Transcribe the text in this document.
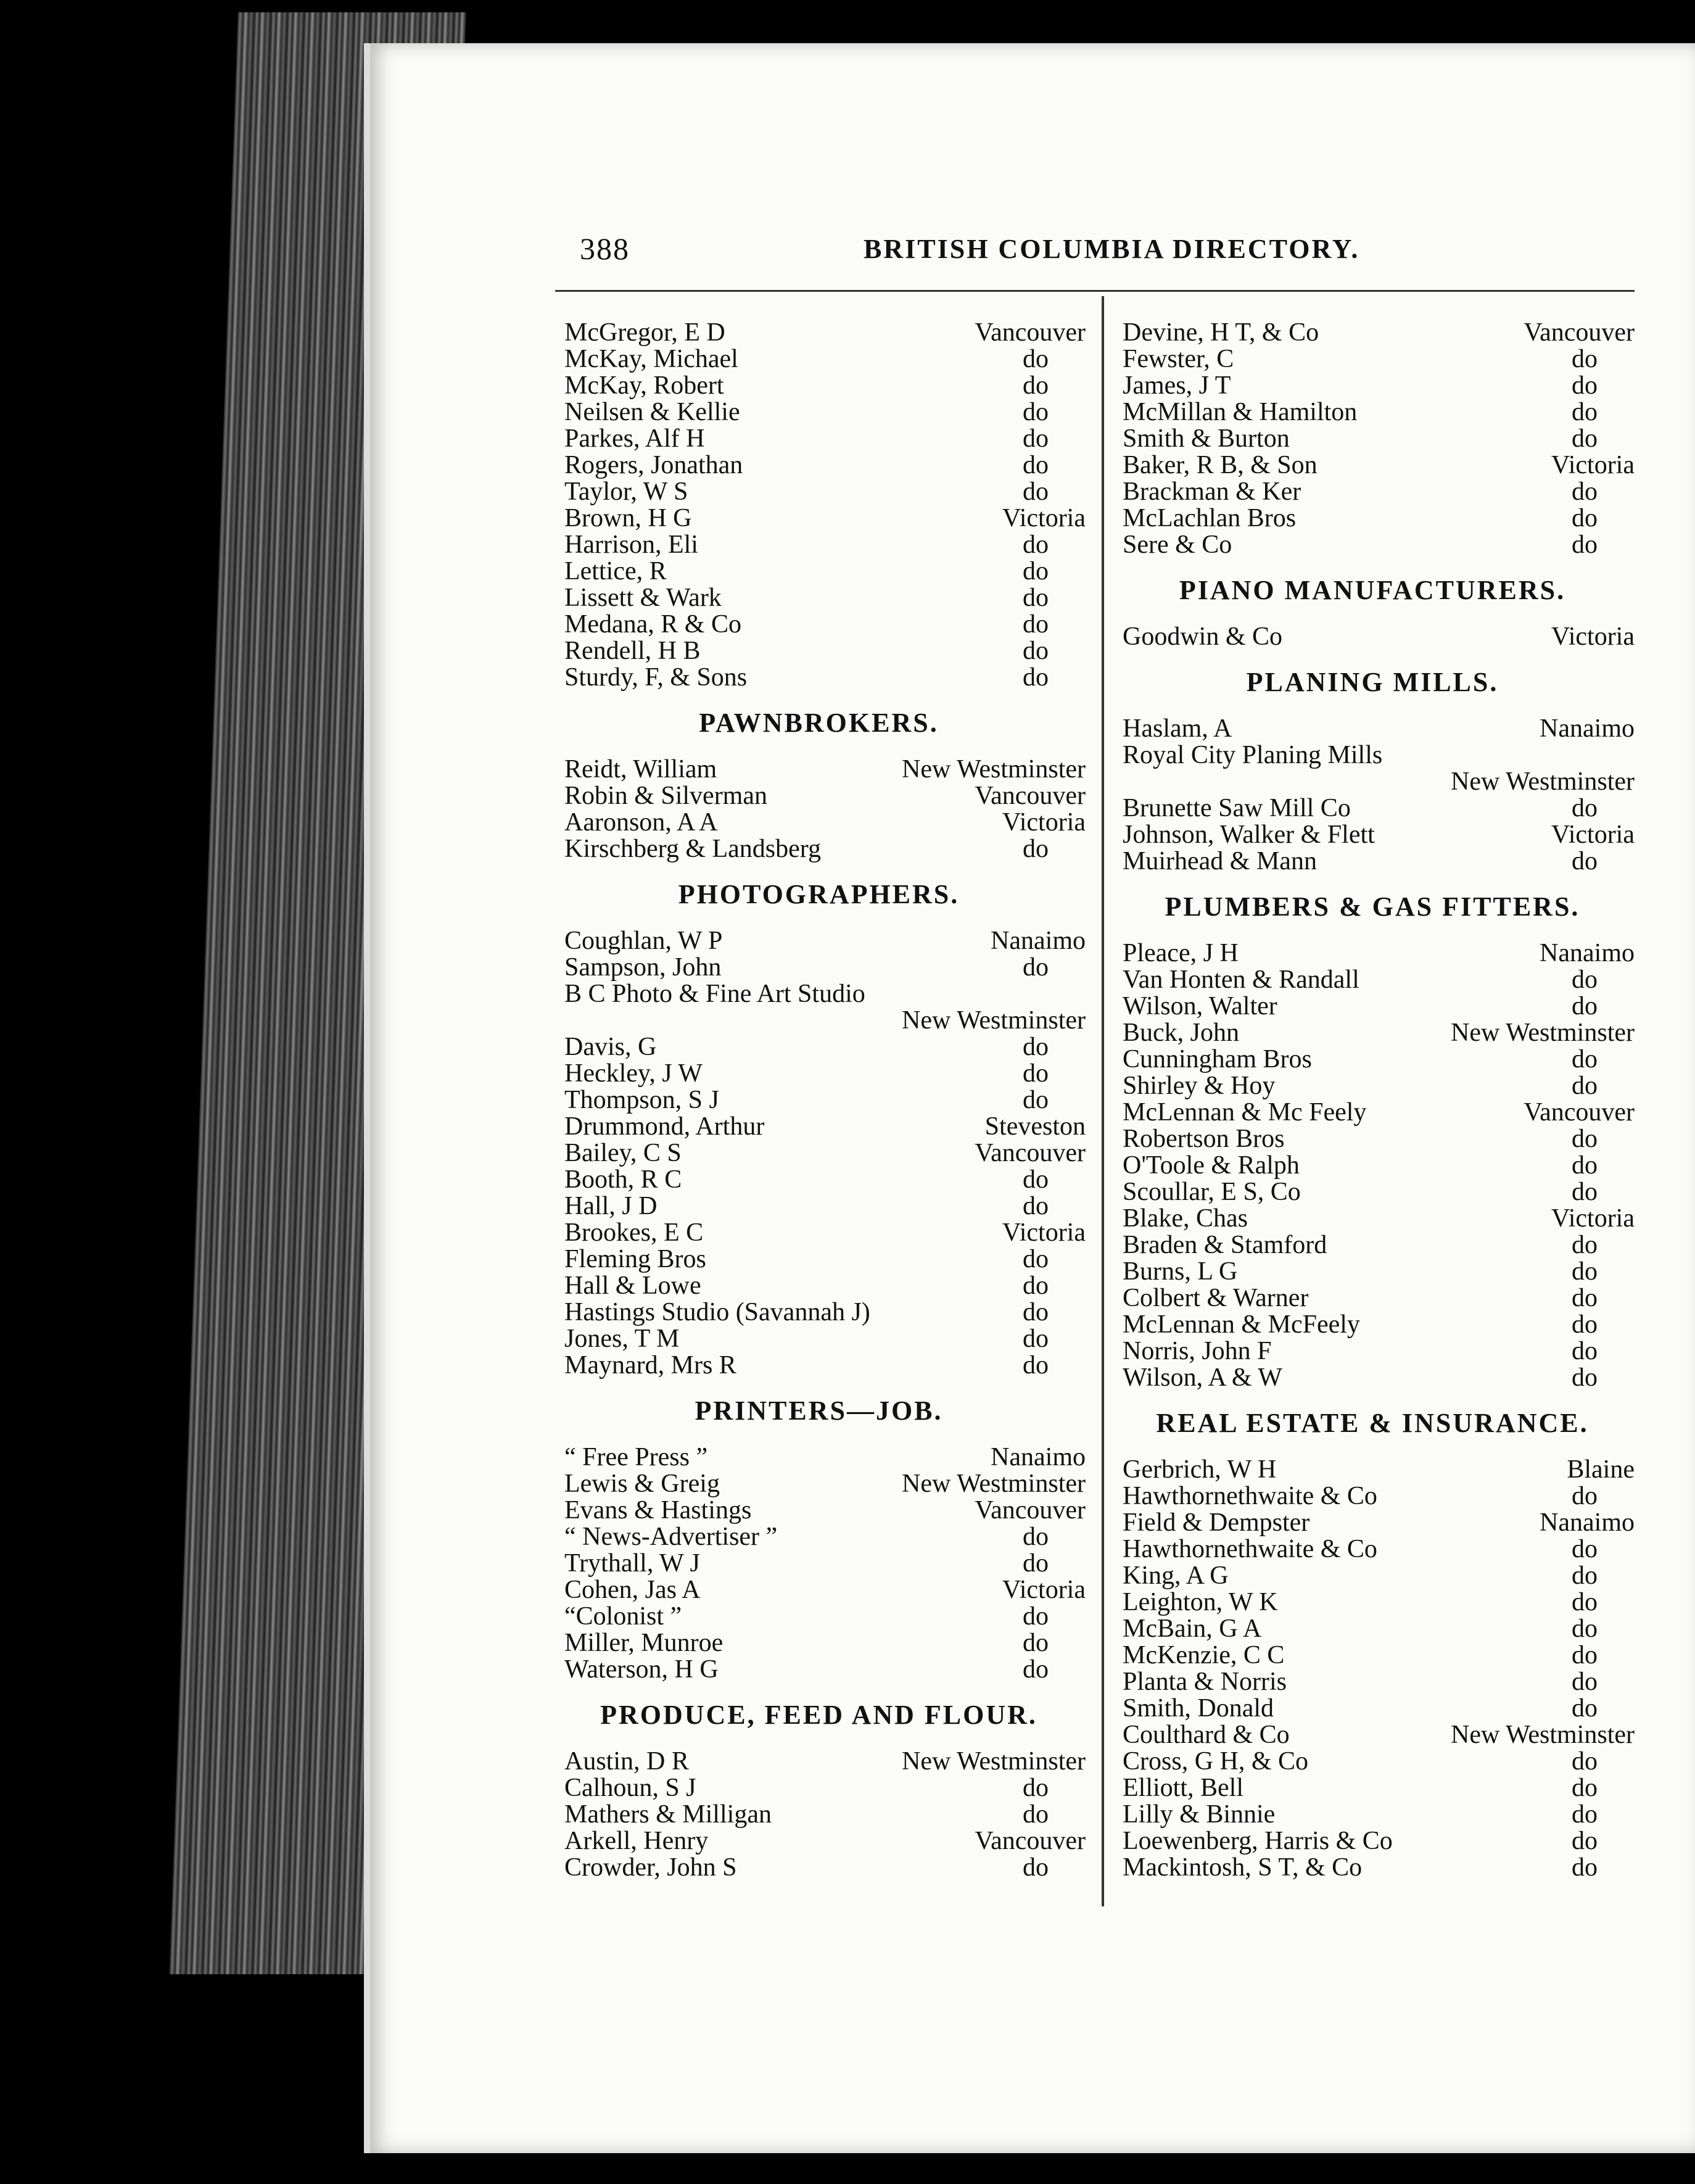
388	BRITISH COLUMBIA DIRECTORY.
McGregor, E D	Vancouver
McKay, Michael	do
McKay, Robert	do
Neilsen & Kellie	do
Parkes, Alf H	do
Rogers, Jonathan	do
Taylor, W S	do
Brown, H G	Victoria
Harrison, Eli	do
Lettice, R	do
Lissett & Wark	do
Medana, R & Co	do
Rendell, H B	do
Sturdy, F, & Sons	do
PAWNBROKERS.
Reidt, William	New Westminster
Robin & Silverman	Vancouver
Aaronson, A A	Victoria
Kirschberg & Landsberg	do
PHOTOGRAPHERS.
Coughlan, W P	Nanaimo
Sampson, John	do
B C Photo & Fine Art Studio
New Westminster
Davis, G	do
Heckley, J W	do
Thompson, S J	do
Drummond, Arthur	Steveston
Bailey, C S	Vancouver
Booth, R C	do
Hall, J D	do
Brookes, E C	Victoria
Fleming Bros	do
Hall & Lowe	do
Hastings Studio (Savannah J)	do
Jones, T M	do
Maynard, Mrs R	do
PRINTERS—JOB.
“ Free Press ”	Nanaimo
Lewis & Greig	New Westminster
Evans & Hastings	Vancouver
“ News-Advertiser ”	do
Trythall, W J	do
Cohen, Jas A	Victoria
“Colonist ”	do
Miller, Munroe	do
Waterson, H G	do
PRODUCE, FEED AND FLOUR.
Austin, D R	New Westminster
Calhoun, S J	do
Mathers & Milligan	do
Arkell, Henry	Vancouver
Crowder, John S	do
Devine, H T, & Co	Vancouver
Fewster, C	do
James, J T	do
McMillan & Hamilton	do
Smith & Burton	do
Baker, R B, & Son	Victoria
Brackman & Ker	do
McLachlan Bros	do
Sere & Co	do
PIANO MANUFACTURERS.
Goodwin & Co	Victoria
PLANING MILLS.
Haslam, A	Nanaimo
Royal City Planing Mills
New Westminster
Brunette Saw Mill Co	do
Johnson, Walker & Flett	Victoria
Muirhead & Mann	do
PLUMBERS & GAS FITTERS.
Pleace, J H	Nanaimo
Van Honten & Randall	do
Wilson, Walter	do
Buck, John	New Westminster
Cunningham Bros	do
Shirley & Hoy	do
McLennan & Mc Feely	Vancouver
Robertson Bros	do
O'Toole & Ralph	do
Scoullar, E S, Co	do
Blake, Chas	Victoria
Braden & Stamford	do
Burns, L G	do
Colbert & Warner	do
McLennan & McFeely	do
Norris, John F	do
Wilson, A & W	do
REAL ESTATE & INSURANCE.
Gerbrich, W H	Blaine
Hawthornethwaite & Co	do
Field & Dempster	Nanaimo
Hawthornethwaite & Co	do
King, A G	do
Leighton, W K	do
McBain, G A	do
McKenzie, C C	do
Planta & Norris	do
Smith, Donald	do
Coulthard & Co	New Westminster
Cross, G H, & Co	do
Elliott, Bell	do
Lilly & Binnie	do
Loewenberg, Harris & Co	do
Mackintosh, S T, & Co	do
